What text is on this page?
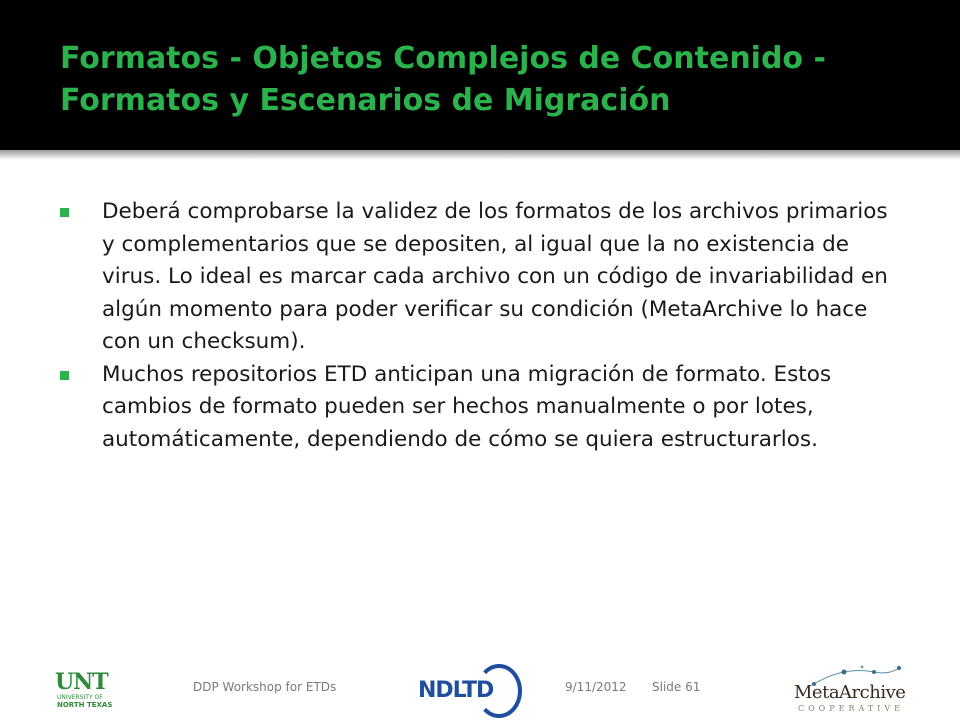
Formatos - Objetos Complejos de Contenido - Formatos y Escenarios de Migración
Deberá comprobarse la validez de los formatos de los archivos primarios y complementarios que se depositen, al igual que la no existencia de virus. Lo ideal es marcar cada archivo con un código de invariabilidad en algún momento para poder verificar su condición (MetaArchive lo hace con un checksum).
Muchos repositorios ETD anticipan una migración de formato. Estos cambios de formato pueden ser hechos manualmente o por lotes, automáticamente, dependiendo de cómo se quiera estructurarlos.
UNT
UNIVERSITY OF
NORTH TEXAS
DDP Workshop for ETDs	NDLTD	9/11/2012 Slide 61	MetaArchive
COOPERATIVE
